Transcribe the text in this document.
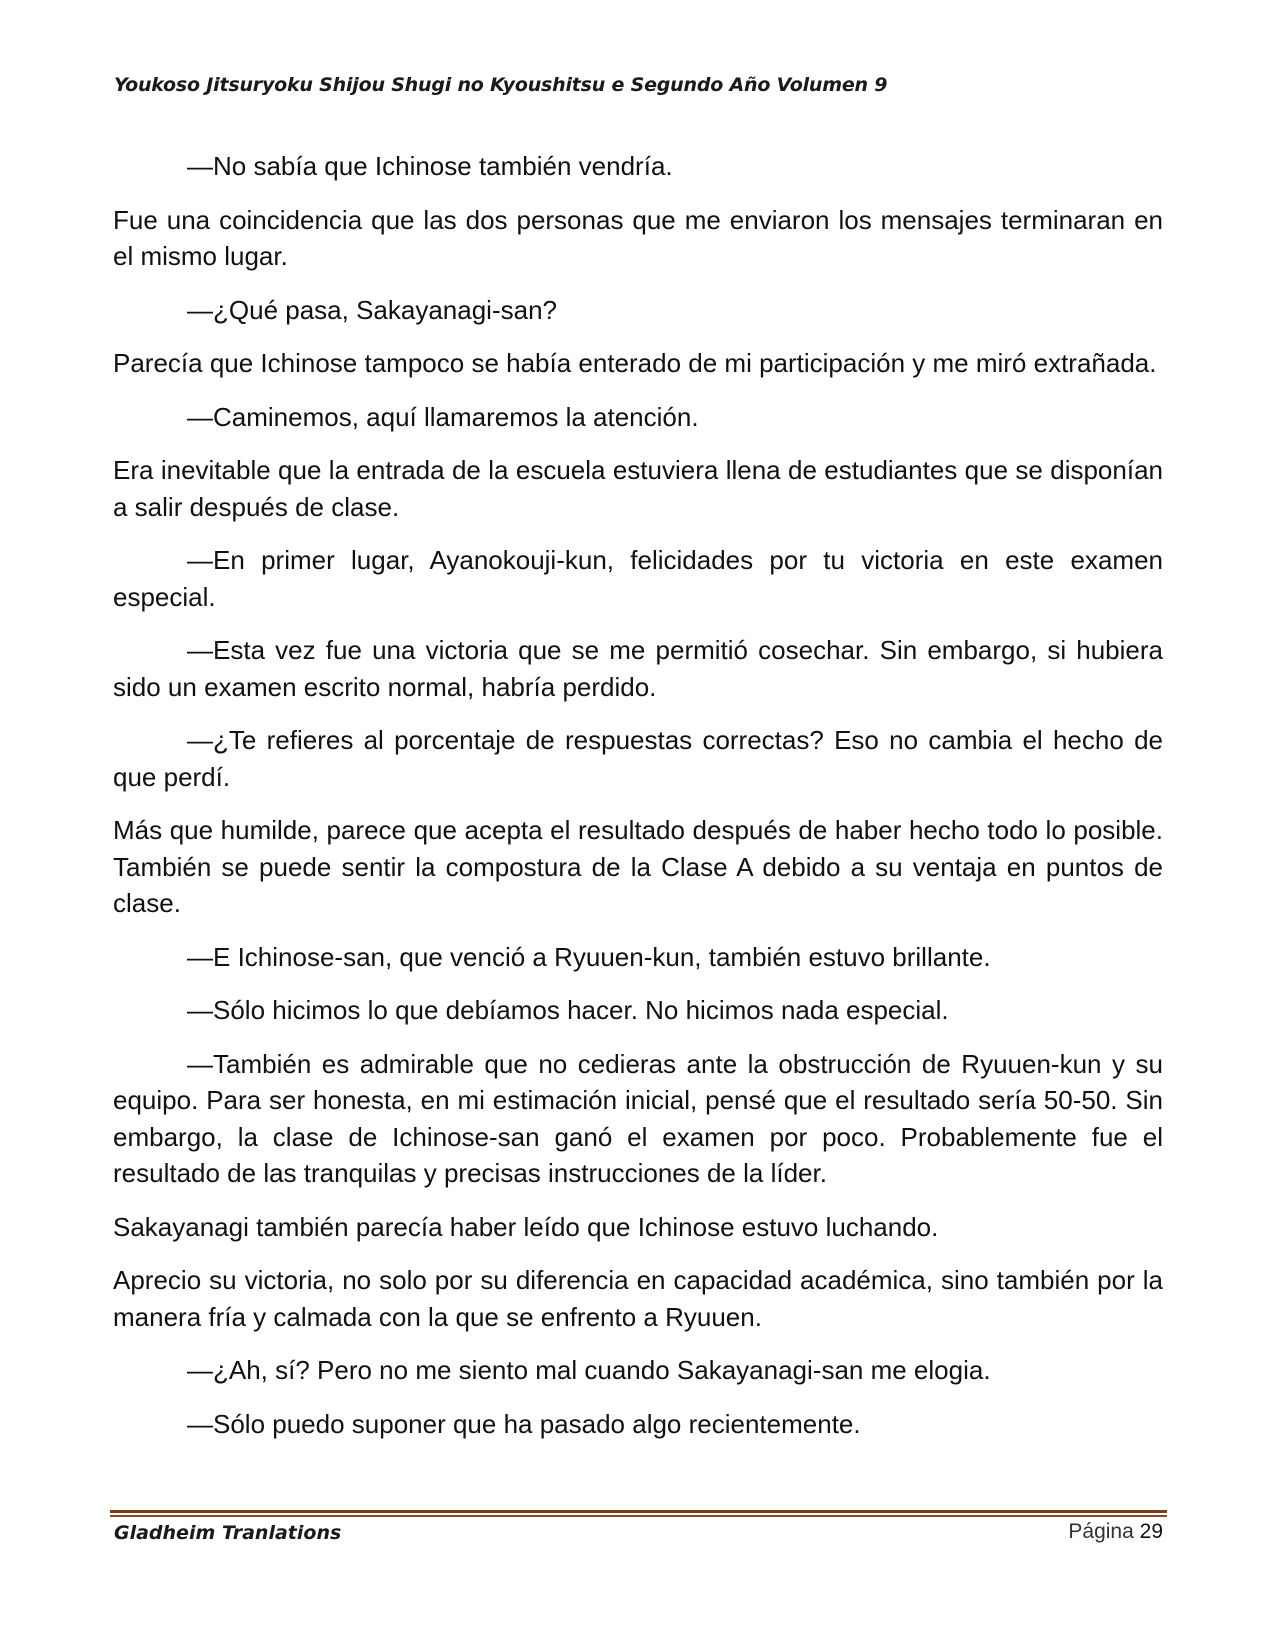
Youkoso Jitsuryoku Shijou Shugi no Kyoushitsu e Segundo Año Volumen 9

—No sabía que Ichinose también vendría.

Fue una coincidencia que las dos personas que me enviaron los mensajes terminaran en el mismo lugar.

—¿Qué pasa, Sakayanagi-san?

Parecía que Ichinose tampoco se había enterado de mi participación y me miró extrañada.

—Caminemos, aquí llamaremos la atención.

Era inevitable que la entrada de la escuela estuviera llena de estudiantes que se disponían a salir después de clase.

—En primer lugar, Ayanokouji-kun, felicidades por tu victoria en este examen especial.

—Esta vez fue una victoria que se me permitió cosechar. Sin embargo, si hubiera sido un examen escrito normal, habría perdido.

—¿Te refieres al porcentaje de respuestas correctas? Eso no cambia el hecho de que perdí.

Más que humilde, parece que acepta el resultado después de haber hecho todo lo posible. También se puede sentir la compostura de la Clase A debido a su ventaja en puntos de clase.

—E Ichinose-san, que venció a Ryuuen-kun, también estuvo brillante.

—Sólo hicimos lo que debíamos hacer. No hicimos nada especial.

—También es admirable que no cedieras ante la obstrucción de Ryuuen-kun y su equipo. Para ser honesta, en mi estimación inicial, pensé que el resultado sería 50-50. Sin embargo, la clase de Ichinose-san ganó el examen por poco. Probablemente fue el resultado de las tranquilas y precisas instrucciones de la líder.

Sakayanagi también parecía haber leído que Ichinose estuvo luchando.

Aprecio su victoria, no solo por su diferencia en capacidad académica, sino también por la manera fría y calmada con la que se enfrento a Ryuuen.

—¿Ah, sí? Pero no me siento mal cuando Sakayanagi-san me elogia.

—Sólo puedo suponer que ha pasado algo recientemente.

Gladheim Tranlations	Página 29
